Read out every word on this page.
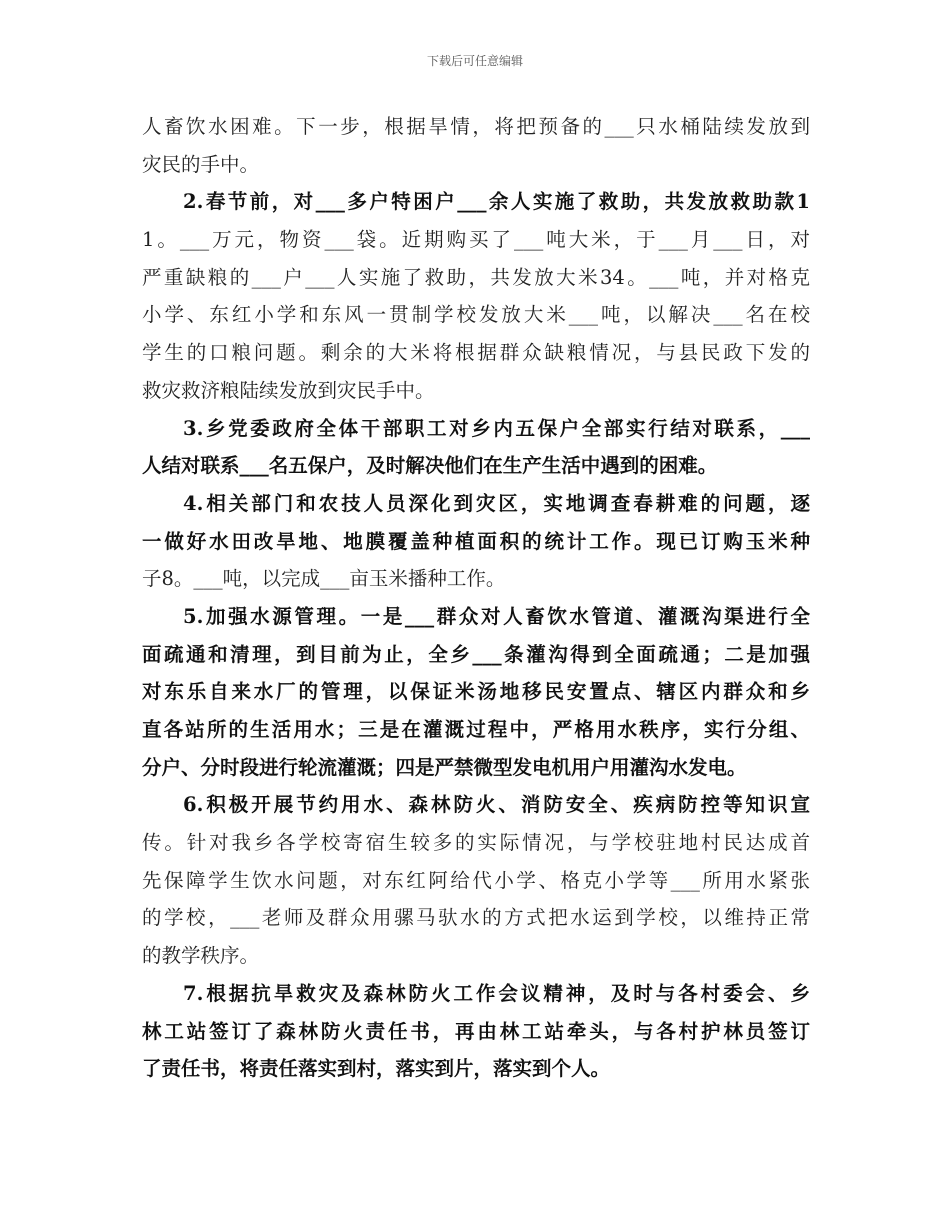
下载后可任意编辑
人畜饮水困难。下一步，根据旱情，将把预备的___只水桶陆续发放到
灾民的手中。
2.春节前，对___多户特困户___余人实施了救助，共发放救助款1
1。___万元，物资___袋。近期购买了___吨大米，于___月___日，对
严重缺粮的___户___人实施了救助，共发放大米34。___吨，并对格克
小学、东红小学和东风一贯制学校发放大米___吨，以解决___名在校
学生的口粮问题。剩余的大米将根据群众缺粮情况，与县民政下发的
救灾救济粮陆续发放到灾民手中。
3.乡党委政府全体干部职工对乡内五保户全部实行结对联系，___
人结对联系___名五保户，及时解决他们在生产生活中遇到的困难。
4.相关部门和农技人员深化到灾区，实地调查春耕难的问题，逐
一做好水田改旱地、地膜覆盖种植面积的统计工作。现已订购玉米种
子8。___吨，以完成___亩玉米播种工作。
5.加强水源管理。一是___群众对人畜饮水管道、灌溉沟渠进行全
面疏通和清理，到目前为止，全乡___条灌沟得到全面疏通；二是加强
对东乐自来水厂的管理，以保证米汤地移民安置点、辖区内群众和乡
直各站所的生活用水；三是在灌溉过程中，严格用水秩序，实行分组、
分户、分时段进行轮流灌溉；四是严禁微型发电机用户用灌沟水发电。
6.积极开展节约用水、森林防火、消防安全、疾病防控等知识宣
传。针对我乡各学校寄宿生较多的实际情况，与学校驻地村民达成首
先保障学生饮水问题，对东红阿给代小学、格克小学等___所用水紧张
的学校，___老师及群众用骡马驮水的方式把水运到学校，以维持正常
的教学秩序。
7.根据抗旱救灾及森林防火工作会议精神，及时与各村委会、乡
林工站签订了森林防火责任书，再由林工站牵头，与各村护林员签订
了责任书，将责任落实到村，落实到片，落实到个人。
